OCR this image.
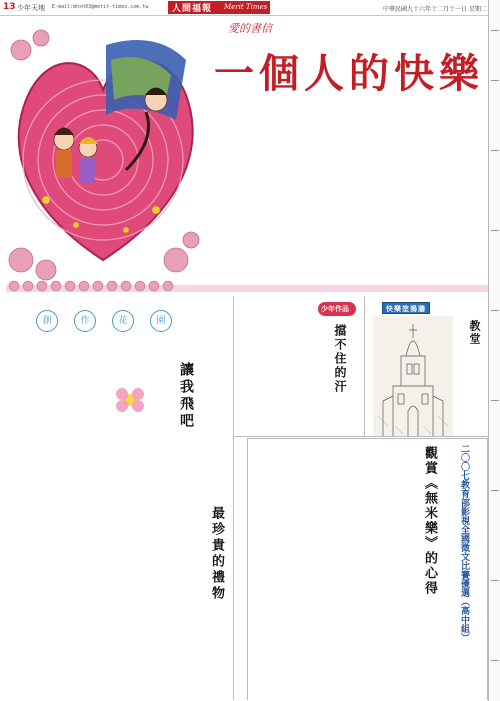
13 少年天地 E-mail:mhsh03@merit-times.com.tw	人間福報 Merit Times	中華民國九十六年十二月十一日 星期二
愛的書信
一個人的快樂
創	作	花	園
讓我飛吧
少年作品
擋不住的汗
最珍貴的禮物
快樂塗鴉牆
教堂
二〇〇七教育部影視全國徵文比賽優選（高中組）
觀賞《無米樂》的心得
